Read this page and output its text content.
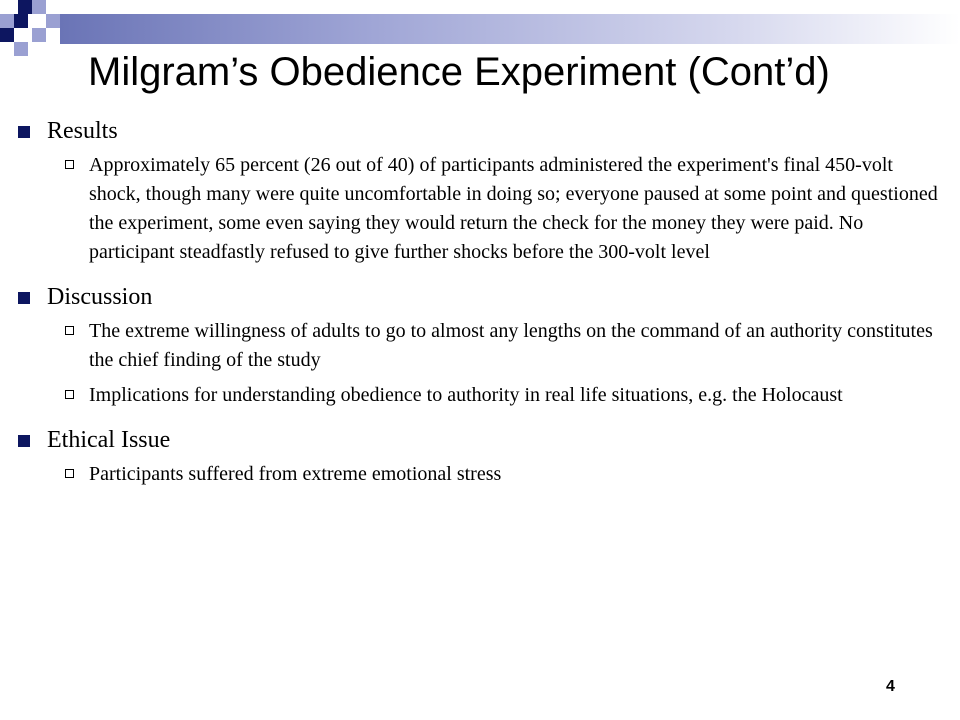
Milgram’s Obedience Experiment (Cont’d)
Results
Approximately 65 percent (26 out of 40) of participants administered the experiment's final 450-volt shock, though many were quite uncomfortable in doing so; everyone paused at some point and questioned the experiment, some even saying they would return the check for the money they were paid. No participant steadfastly refused to give further shocks before the 300-volt level
Discussion
The extreme willingness of adults to go to almost any lengths on the command of an authority constitutes the chief finding of the study
Implications for understanding obedience to authority in real life situations, e.g. the Holocaust
Ethical Issue
Participants suffered from extreme emotional stress
4
